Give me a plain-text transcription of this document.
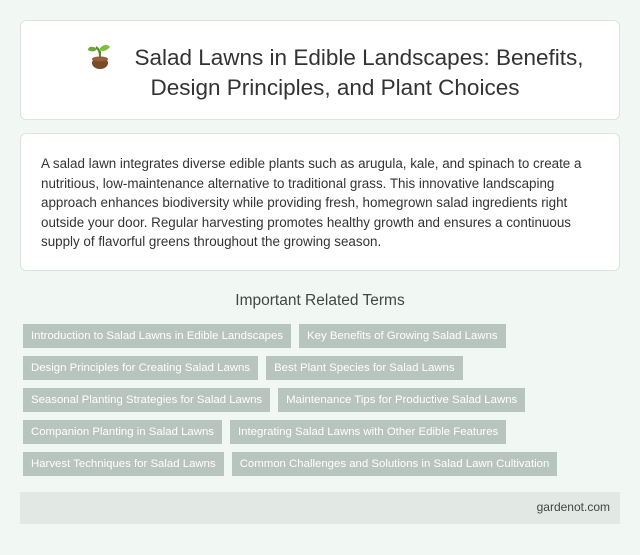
Salad Lawns in Edible Landscapes: Benefits, Design Principles, and Plant Choices

A salad lawn integrates diverse edible plants such as arugula, kale, and spinach to create a nutritious, low-maintenance alternative to traditional grass. This innovative landscaping approach enhances biodiversity while providing fresh, homegrown salad ingredients right outside your door. Regular harvesting promotes healthy growth and ensures a continuous supply of flavorful greens throughout the growing season.

Important Related Terms
Introduction to Salad Lawns in Edible Landscapes	Key Benefits of Growing Salad Lawns
Design Principles for Creating Salad Lawns	Best Plant Species for Salad Lawns
Seasonal Planting Strategies for Salad Lawns	Maintenance Tips for Productive Salad Lawns
Companion Planting in Salad Lawns	Integrating Salad Lawns with Other Edible Features
Harvest Techniques for Salad Lawns	Common Challenges and Solutions in Salad Lawn Cultivation
gardenot.com
